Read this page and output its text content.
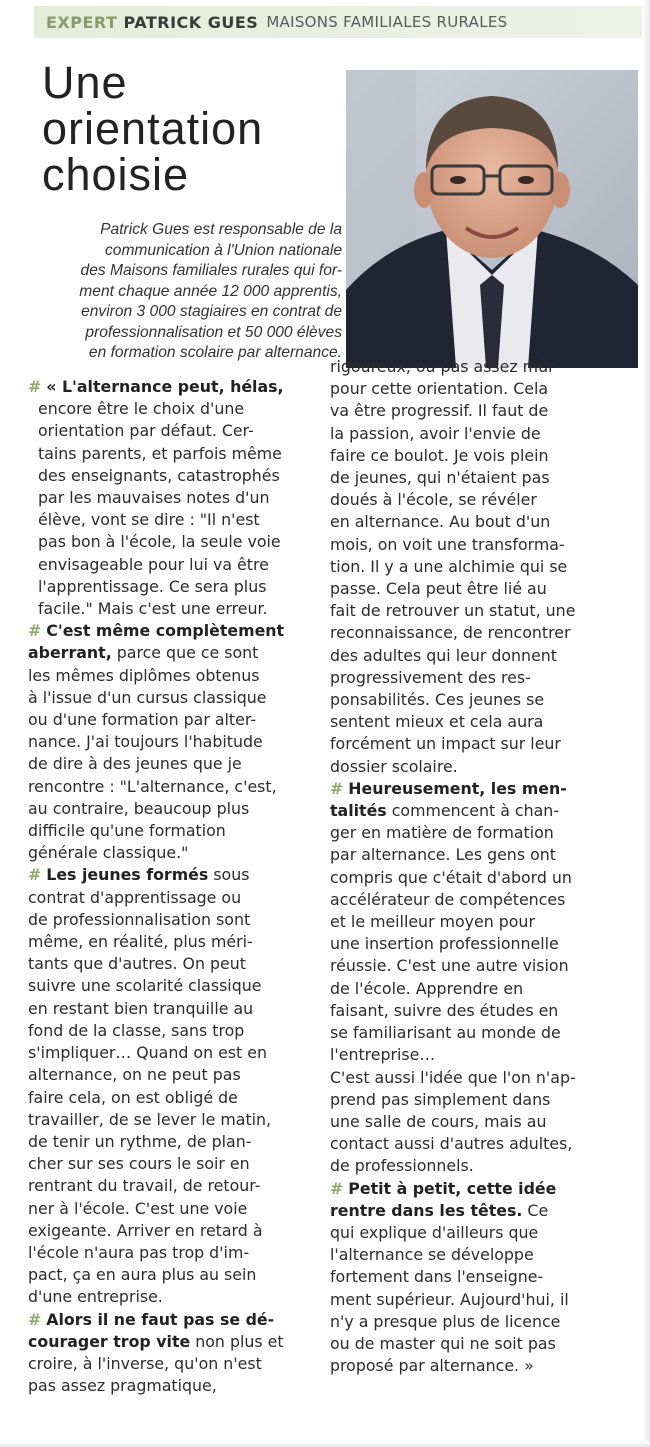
EXPERT PATRICK GUES MAISONS FAMILIALES RURALES
Une
orientation
choisie
Patrick Gues est responsable de la
communication à l'Union nationale
des Maisons familiales rurales qui for-
ment chaque année 12 000 apprentis,
environ 3 000 stagiaires en contrat de
professionnalisation et 50 000 élèves
en formation scolaire par alternance.
# « L'alternance peut, hélas,
encore être le choix d'une
orientation par défaut. Cer-
tains parents, et parfois même
des enseignants, catastrophés
par les mauvaises notes d'un
élève, vont se dire : "Il n'est
pas bon à l'école, la seule voie
envisageable pour lui va être
l'apprentissage. Ce sera plus
facile." Mais c'est une erreur.
# C'est même complètement
aberrant, parce que ce sont
les mêmes diplômes obtenus
à l'issue d'un cursus classique
ou d'une formation par alter-
nance. J'ai toujours l'habitude
de dire à des jeunes que je
rencontre : "L'alternance, c'est,
au contraire, beaucoup plus
difficile qu'une formation
générale classique."
# Les jeunes formés sous
contrat d'apprentissage ou
de professionnalisation sont
même, en réalité, plus méri-
tants que d'autres. On peut
suivre une scolarité classique
en restant bien tranquille au
fond de la classe, sans trop
s'impliquer… Quand on est en
alternance, on ne peut pas
faire cela, on est obligé de
travailler, de se lever le matin,
de tenir un rythme, de plan-
cher sur ses cours le soir en
rentrant du travail, de retour-
ner à l'école. C'est une voie
exigeante. Arriver en retard à
l'école n'aura pas trop d'im-
pact, ça en aura plus au sein
d'une entreprise.
# Alors il ne faut pas se dé-
courager trop vite non plus et
croire, à l'inverse, qu'on n'est
pas assez pragmatique,
rigoureux, ou pas assez mûr
pour cette orientation. Cela
va être progressif. Il faut de
la passion, avoir l'envie de
faire ce boulot. Je vois plein
de jeunes, qui n'étaient pas
doués à l'école, se révéler
en alternance. Au bout d'un
mois, on voit une transforma-
tion. Il y a une alchimie qui se
passe. Cela peut être lié au
fait de retrouver un statut, une
reconnaissance, de rencontrer
des adultes qui leur donnent
progressivement des res-
ponsabilités. Ces jeunes se
sentent mieux et cela aura
forcément un impact sur leur
dossier scolaire.
# Heureusement, les men-
talités commencent à chan-
ger en matière de formation
par alternance. Les gens ont
compris que c'était d'abord un
accélérateur de compétences
et le meilleur moyen pour
une insertion professionnelle
réussie. C'est une autre vision
de l'école. Apprendre en
faisant, suivre des études en
se familiarisant au monde de
l'entreprise…
C'est aussi l'idée que l'on n'ap-
prend pas simplement dans
une salle de cours, mais au
contact aussi d'autres adultes,
de professionnels.
# Petit à petit, cette idée
rentre dans les têtes. Ce
qui explique d'ailleurs que
l'alternance se développe
fortement dans l'enseigne-
ment supérieur. Aujourd'hui, il
n'y a presque plus de licence
ou de master qui ne soit pas
proposé par alternance. »
